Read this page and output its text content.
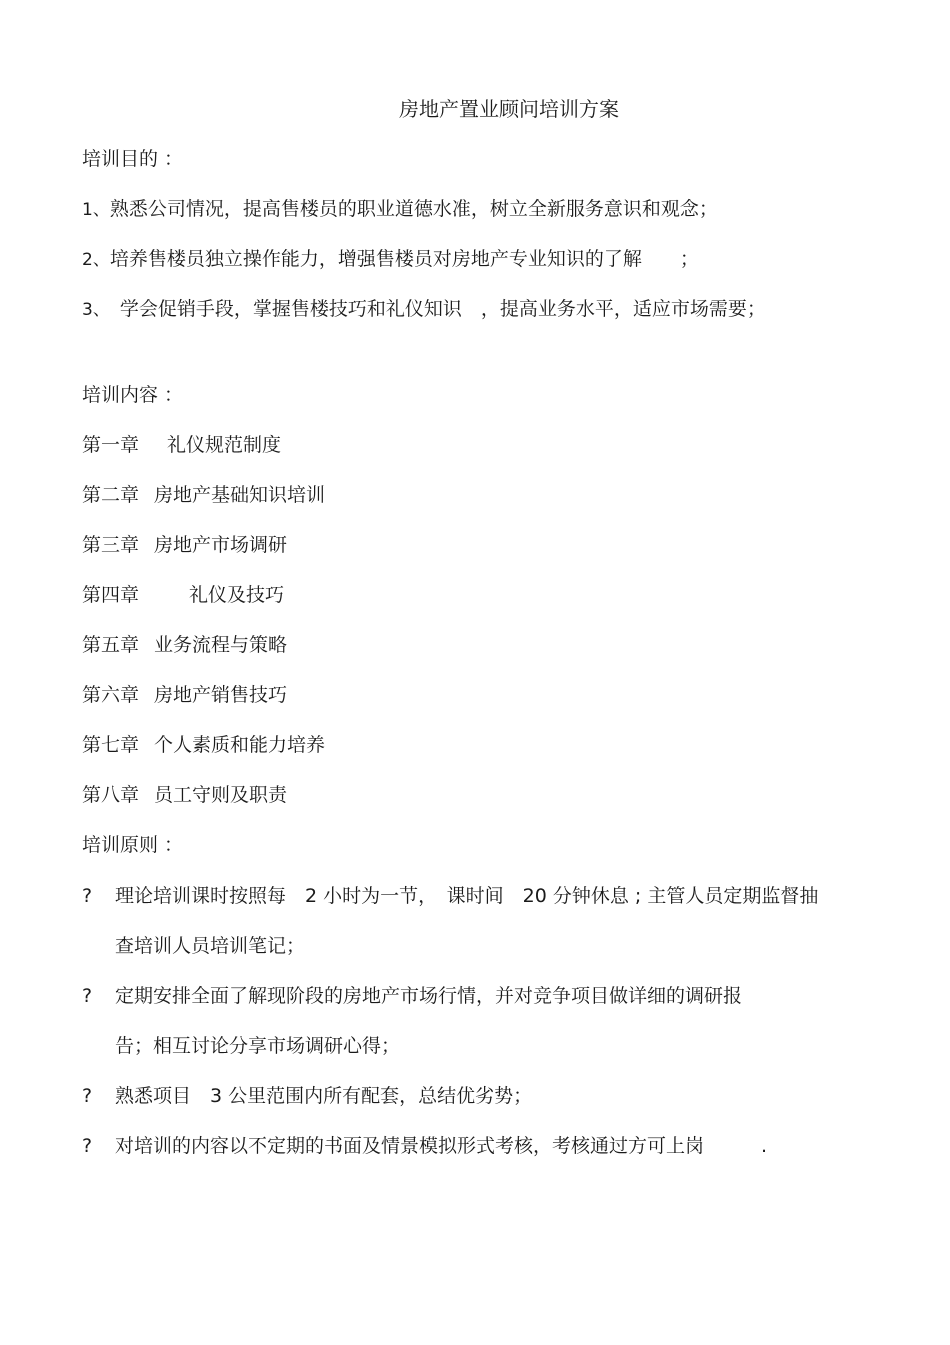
房地产置业顾问培训方案
培训目的 ：
1、熟悉公司情况，提高售楼员的职业道德水准，树立全新服务意识和观念；
2、培养售楼员独立操作能力，增强售楼员对房地产专业知识的了解　　；
3、 学会促销手段，掌握售楼技巧和礼仪知识　，提高业务水平，适应市场需要；
培训内容 ：
第一章 礼仪规范制度
第二章 房地产基础知识培训
第三章 房地产市场调研
第四章	礼仪及技巧
第五章 业务流程与策略
第六章 房地产销售技巧
第七章 个人素质和能力培养
第八章 员工守则及职责
培训原则 ：
? 理论培训课时按照每　2 小时为一节，　课时间　20 分钟休息 ; 主管人员定期监督抽
查培训人员培训笔记；
? 定期安排全面了解现阶段的房地产市场行情，并对竞争项目做详细的调研报
告；相互讨论分享市场调研心得；
? 熟悉项目　3 公里范围内所有配套，总结优劣势；
? 对培训的内容以不定期的书面及情景模拟形式考核，考核通过方可上岗　　　.
